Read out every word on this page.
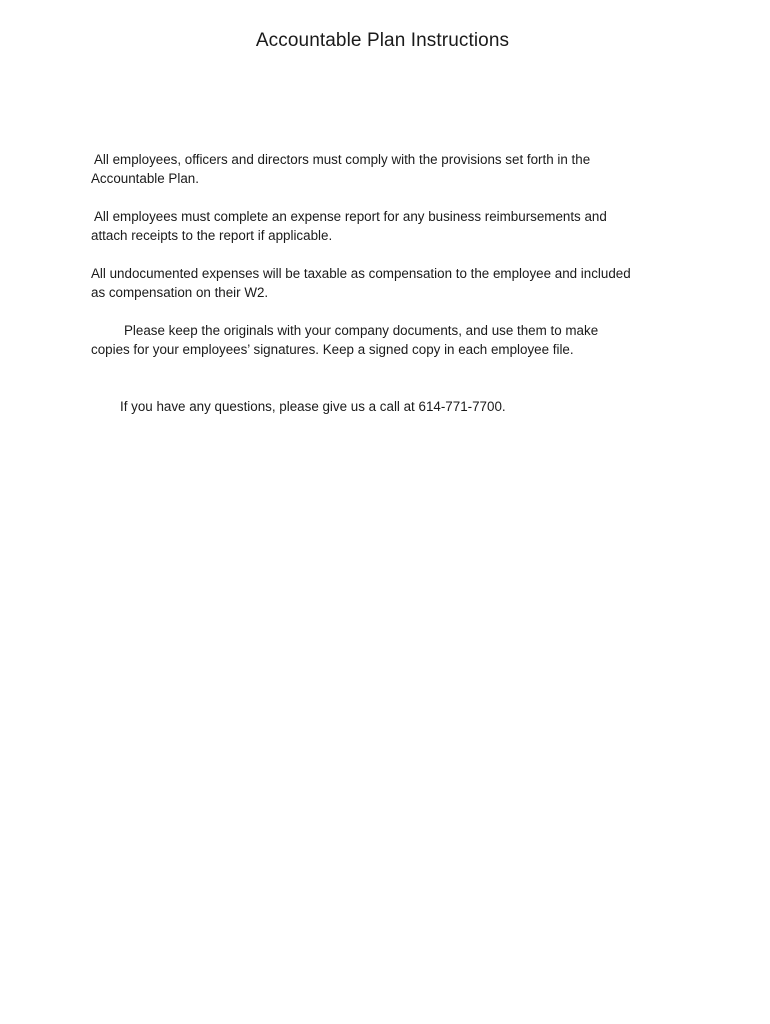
Accountable Plan Instructions

All employees, officers and directors must comply with the provisions set forth in the
Accountable Plan.

All employees must complete an expense report for any business reimbursements and
attach receipts to the report if applicable.

All undocumented expenses will be taxable as compensation to the employee and included
as compensation on their W2.

Please keep the originals with your company documents, and use them to make
copies for your employees’ signatures. Keep a signed copy in each employee file.

If you have any questions, please give us a call at 614-771-7700.
